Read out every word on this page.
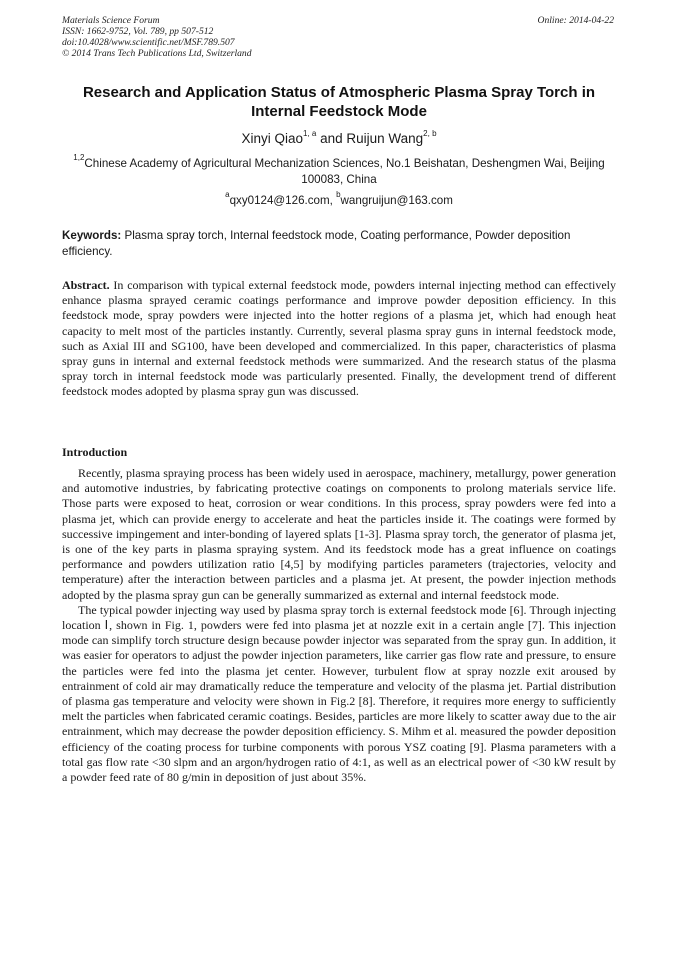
Materials Science Forum
ISSN: 1662-9752, Vol. 789, pp 507-512
doi:10.4028/www.scientific.net/MSF.789.507
© 2014 Trans Tech Publications Ltd, Switzerland
Online: 2014-04-22
Research and Application Status of Atmospheric Plasma Spray Torch in Internal Feedstock Mode
Xinyi Qiao$^{1, a}$ and Ruijun Wang$^{2, b}$
$^{1,2}$Chinese Academy of Agricultural Mechanization Sciences, No.1 Beishatan, Deshengmen Wai, Beijing 100083, China
$^a$qxy0124@126.com, $^b$wangruijun@163.com
Keywords: Plasma spray torch, Internal feedstock mode, Coating performance, Powder deposition efficiency.
Abstract. In comparison with typical external feedstock mode, powders internal injecting method can effectively enhance plasma sprayed ceramic coatings performance and improve powder deposition efficiency. In this feedstock mode, spray powders were injected into the hotter regions of a plasma jet, which had enough heat capacity to melt most of the particles instantly. Currently, several plasma spray guns in internal feedstock mode, such as Axial III and SG100, have been developed and commercialized. In this paper, characteristics of plasma spray guns in internal and external feedstock methods were summarized. And the research status of the plasma spray torch in internal feedstock mode was particularly presented. Finally, the development trend of different feedstock modes adopted by plasma spray gun was discussed.
Introduction

Recently, plasma spraying process has been widely used in aerospace, machinery, metallurgy, power generation and automotive industries, by fabricating protective coatings on components to prolong materials service life. Those parts were exposed to heat, corrosion or wear conditions. In this process, spray powders were fed into a plasma jet, which can provide energy to accelerate and heat the particles inside it. The coatings were formed by successive impingement and inter-bonding of layered splats [1-3]. Plasma spray torch, the generator of plasma jet, is one of the key parts in plasma spraying system. And its feedstock mode has a great influence on coatings performance and powders utilization ratio [4,5] by modifying particles parameters (trajectories, velocity and temperature) after the interaction between particles and a plasma jet. At present, the powder injection methods adopted by the plasma spray gun can be generally summarized as external and internal feedstock mode.

The typical powder injecting way used by plasma spray torch is external feedstock mode [6]. Through injecting location Ⅰ, shown in Fig. 1, powders were fed into plasma jet at nozzle exit in a certain angle [7]. This injection mode can simplify torch structure design because powder injector was separated from the spray gun. In addition, it was easier for operators to adjust the powder injection parameters, like carrier gas flow rate and pressure, to ensure the particles were fed into the plasma jet center. However, turbulent flow at spray nozzle exit aroused by entrainment of cold air may dramatically reduce the temperature and velocity of the plasma jet. Partial distribution of plasma gas temperature and velocity were shown in Fig.2 [8]. Therefore, it requires more energy to sufficiently melt the particles when fabricated ceramic coatings. Besides, particles are more likely to scatter away due to the air entrainment, which may decrease the powder deposition efficiency. S. Mihm et al. measured the powder deposition efficiency of the coating process for turbine components with porous YSZ coating [9]. Plasma parameters with a total gas flow rate <30 slpm and an argon/hydrogen ratio of 4:1, as well as an electrical power of <30 kW result by a powder feed rate of 80 g/min in deposition of just about 35%.
